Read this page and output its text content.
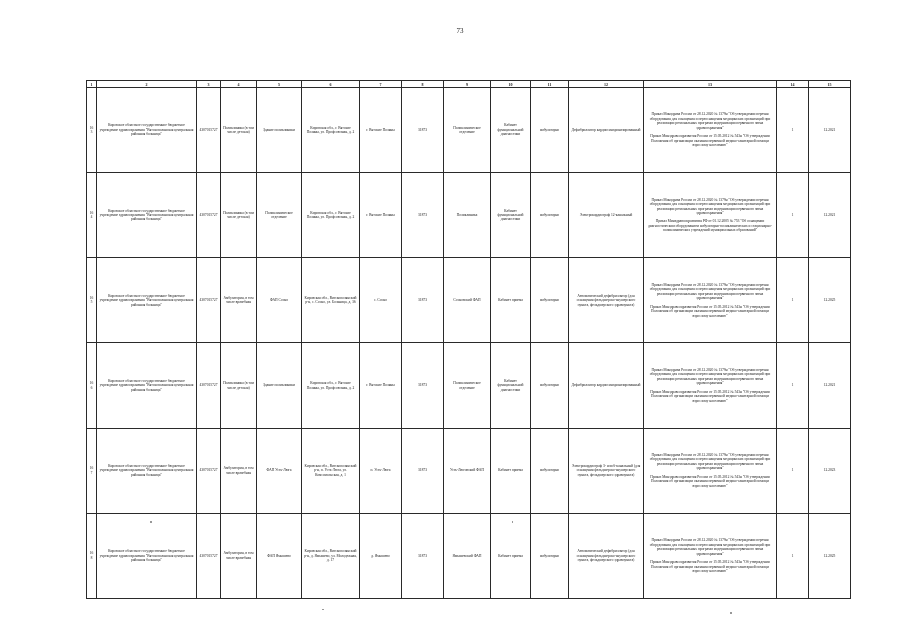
73
1	2	3	4	5	6	7	8	9	10	11	12	13	14	15
163	Кировское областное государственное бюджетное учреждение здравоохранения "Вятскополянская центральная районная больница"	4307015727	Поликлиника (в том числе детская)	Здание поликлиники	Кировская обл., г. Вятские Поляны, ул. Профсоюзная, д. 2	г. Вятские Поляны	31873	Поликлиническое отделение	Кабинет функциональной диагностики	амбулаторно	Дефибриллятор кардиосинхронизированный	Приказ Минздрава России от 28.12.2020 № 1379н "Об утверждении перечня оборудования для оснащения и переоснащения медицинских организаций при реализации региональных программ модернизации первичного звена здравоохранения"
Приказ Минздравсоцразвития России от 15.05.2012 № 543н "Об утверждении Положения об организации оказания первичной медико-санитарной помощи взрослому населению"	1	12.2021
164	Кировское областное государственное бюджетное учреждение здравоохранения "Вятскополянская центральная районная больница"	4307015727	Поликлиника (в том числе детская)	Поликлиническое отделение	Кировская обл., г. Вятские Поляны, ул. Профсоюзная, д. 2	г. Вятские Поляны	31873	Поликлиника	Кабинет функциональной диагностики	амбулаторно	Электрокардиограф 12-канальный	Приказ Минздрава России от 28.12.2020 № 1379н "Об утверждении перечня оборудования для оснащения и переоснащения медицинских организаций при реализации региональных программ модернизации первичного звена здравоохранения"
Приказ Минздравсоцразвития РФ от 01.12.2005 № 753 "Об оснащении диагностическим оборудованием амбулаторно-поликлинических и стационарно-поликлинических учреждений муниципальных образований"	1	12.2021
165	Кировское областное государственное бюджетное учреждение здравоохранения "Вятскополянская центральная районная больница"	4307015727	Амбулатория, в том числе врачебная	ФАП Сосно	Кировская обл., Вятскополянский р-н, с. Сосно, ул. Больница, д. 36	с. Сосно	31873	Сосновский ФАП	Кабинет приема	амбулаторно	Автоматический дефибриллятор (для оснащения фельдшерско-акушерского пункта, фельдшерского здравпункта)	Приказ Минздрава России от 28.12.2020 № 1379н "Об утверждении перечня оборудования для оснащения и переоснащения медицинских организаций при реализации региональных программ модернизации первичного звена здравоохранения"
Приказ Минздравсоцразвития России от 15.05.2012 № 543н "Об утверждении Положения об организации оказания первичной медико-санитарной помощи взрослому населению"	1	12.2025
166	Кировское областное государственное бюджетное учреждение здравоохранения "Вятскополянская центральная районная больница"	4307015727	Поликлиника (в том числе детская)	Здание поликлиники	Кировская обл., г. Вятские Поляны, ул. Профсоюзная, д. 2	г. Вятские Поляны	31873	Поликлиническое отделение	Кабинет функциональной диагностики	амбулаторно	Дефибриллятор кардиосинхронизированный	Приказ Минздрава России от 28.12.2020 № 1379н "Об утверждении перечня оборудования для оснащения и переоснащения медицинских организаций при реализации региональных программ модернизации первичного звена здравоохранения"
Приказ Минздравсоцразвития России от 15.05.2012 № 543н "Об утверждении Положения об организации оказания первичной медико-санитарной помощи взрослому населению"	1	12.2021
167	Кировское областное государственное бюджетное учреждение здравоохранения "Вятскополянская центральная районная больница"	4307015727	Амбулатория, в том числе врачебная	ФАП Усть-Люга	Кировская обл., Вятскополянский р-н, п. Усть-Люга, ул. Комсомольская, д. 1	п. Усть-Люга	31873	Усть-Люговский ФАП	Кабинет приема	амбулаторно	Электрокардиограф 3- или 6-канальный (для оснащения фельдшерско-акушерского пункта, фельдшерского здравпункта)	Приказ Минздрава России от 28.12.2020 № 1379н "Об утверждении перечня оборудования для оснащения и переоснащения медицинских организаций при реализации региональных программ модернизации первичного звена здравоохранения"
Приказ Минздравсоцразвития России от 15.05.2012 № 543н "Об утверждении Положения об организации оказания первичной медико-санитарной помощи взрослому населению"	1	12.2023
168	Кировское областное государственное бюджетное учреждение здравоохранения "Вятскополянская центральная районная больница"	4307015727	Амбулатория, в том числе врачебная	ФАП Ямышево	Кировская обл., Вятскополянский р-н, д. Ямышево, ул. Молодежная, д. 17	д. Ямышево	31873	Ямышевский ФАП	Кабинет приема	амбулаторно	Автоматический дефибриллятор (для оснащения фельдшерско-акушерского пункта, фельдшерского здравпункта)	Приказ Минздрава России от 28.12.2020 № 1379н "Об утверждении перечня оборудования для оснащения и переоснащения медицинских организаций при реализации региональных программ модернизации первичного звена здравоохранения"
Приказ Минздравсоцразвития России от 15.05.2012 № 543н "Об утверждении Положения об организации оказания первичной медико-санитарной помощи взрослому населению"	1	12.2025
